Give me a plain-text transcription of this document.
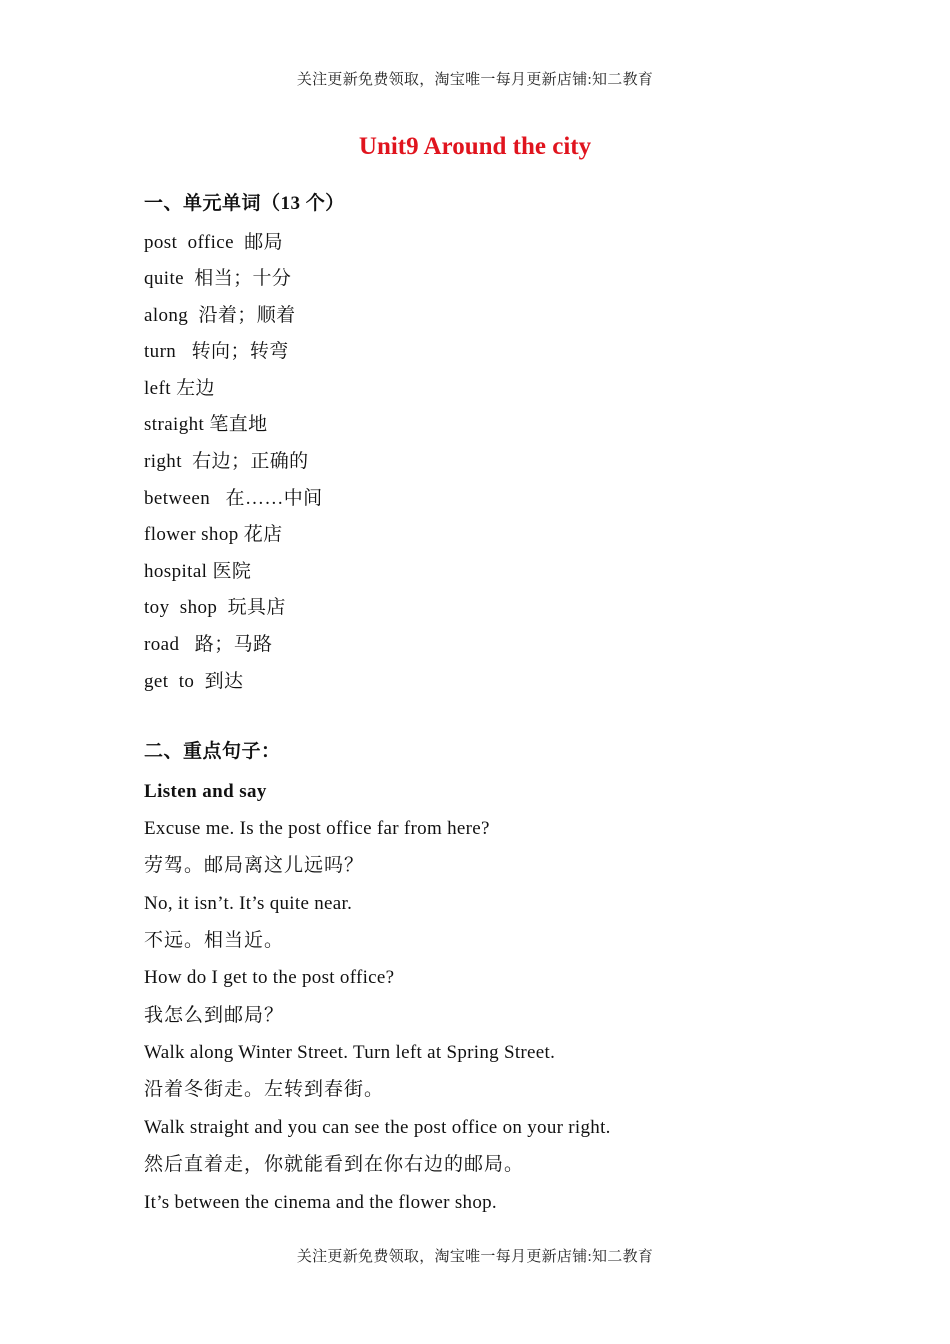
关注更新免费领取，淘宝唯一每月更新店铺:知二教育
Unit9 Around the city
一、单元单词（13 个）
post  office  邮局
quite  相当；十分
along  沿着；顺着
turn   转向；转弯
left 左边
straight 笔直地
right  右边；正确的
between   在……中间
flower shop 花店
hospital 医院
toy  shop  玩具店
road   路；马路
get  to  到达
二、重点句子：
Listen and say
Excuse me. Is the post office far from here?
劳驾。邮局离这儿远吗？
No, it isn’t. It’s quite near.
不远。相当近。
How do I get to the post office?
我怎么到邮局？
Walk along Winter Street. Turn left at Spring Street.
沿着冬街走。左转到春街。
Walk straight and you can see the post office on your right.
然后直着走，你就能看到在你右边的邮局。
It’s between the cinema and the flower shop.
关注更新免费领取，淘宝唯一每月更新店铺:知二教育
